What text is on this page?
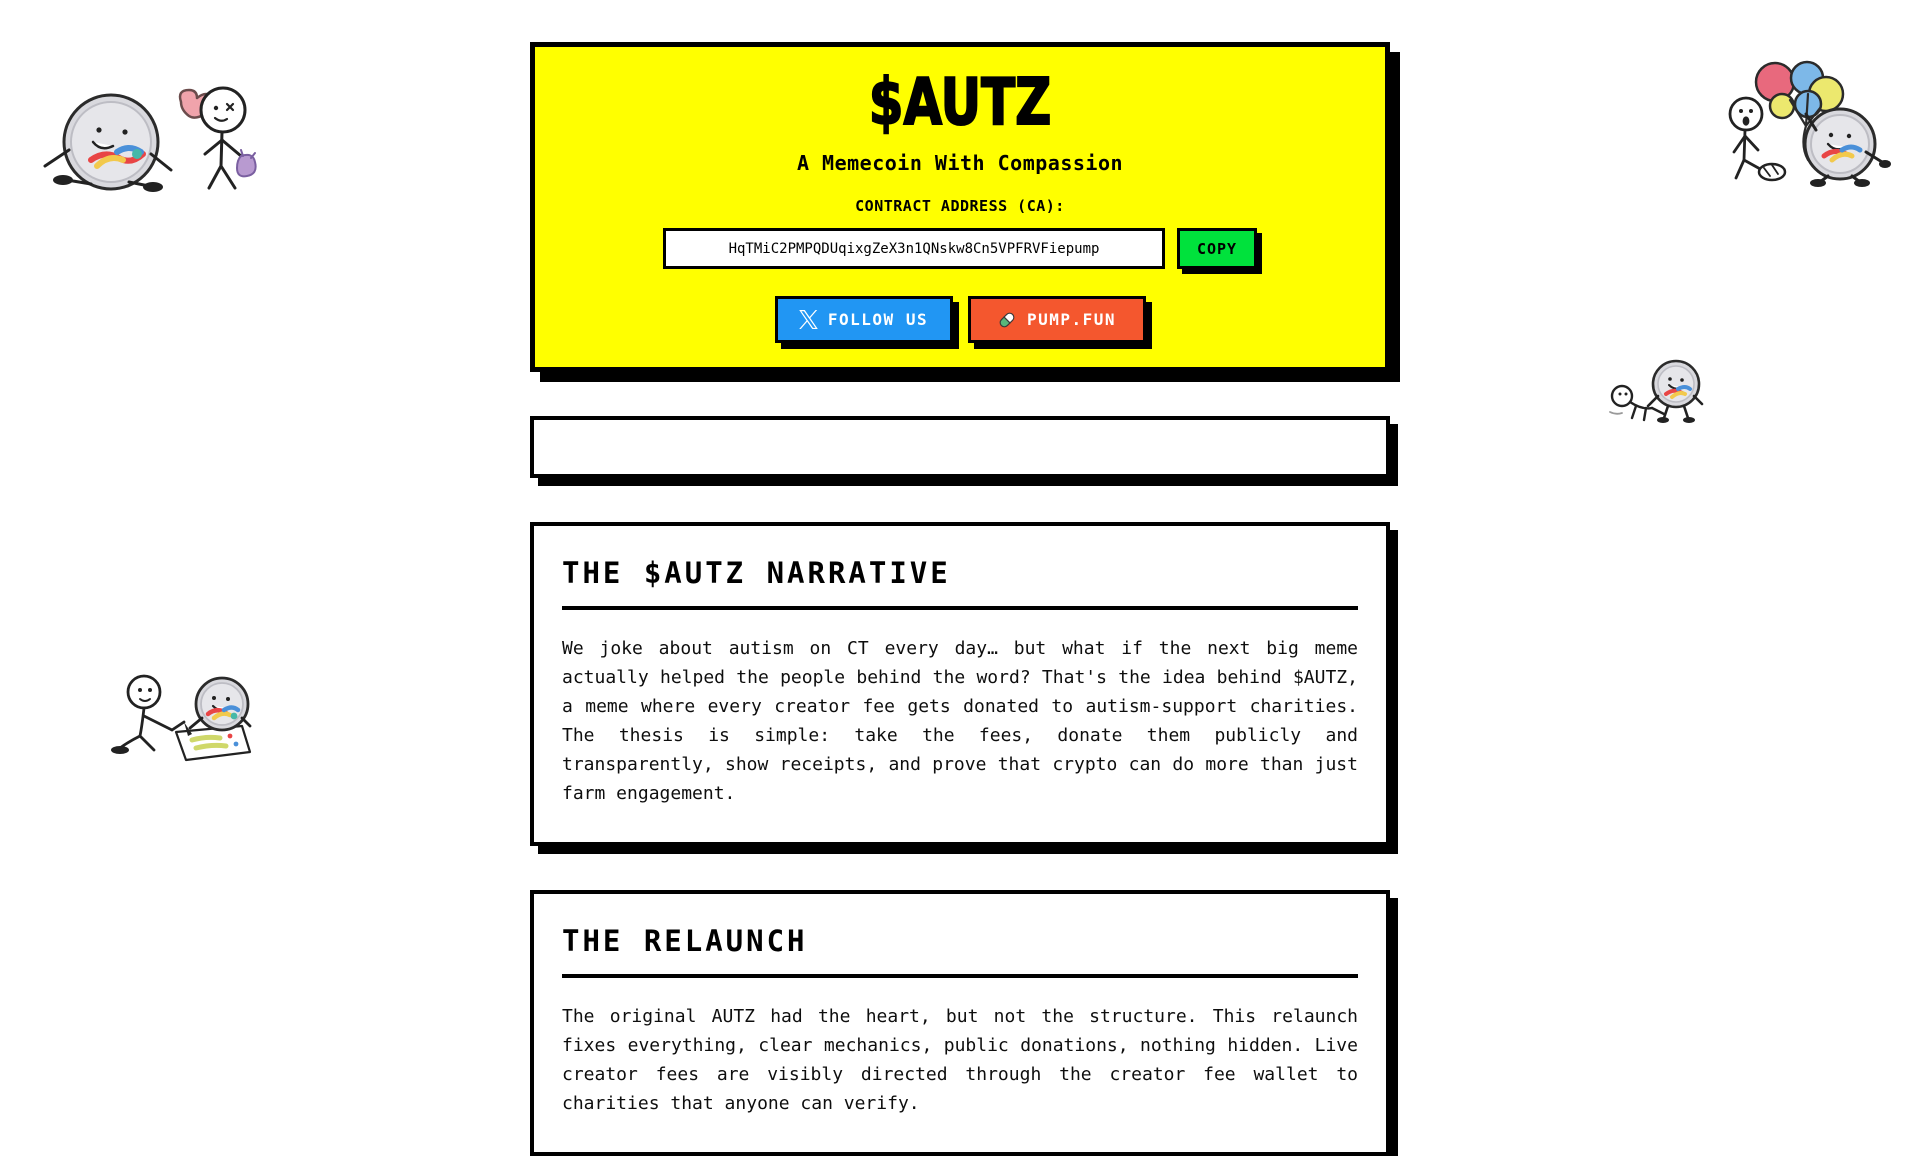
$AUTZ

A Memecoin With Compassion

CONTRACT ADDRESS (CA):

HqTMiC2PMPQDUqixgZeX3n1QNskw8Cn5VPFRVFiepump
COPY
FOLLOW US	PUMP.FUN
THE $AUTZ NARRATIVE

We joke about autism on CT every day… but what if the next big meme actually helped the people behind the word? That's the idea behind $AUTZ, a meme where every creator fee gets donated to autism-support charities. The thesis is simple: take the fees, donate them publicly and transparently, show receipts, and prove that crypto can do more than just farm engagement.

THE RELAUNCH

The original AUTZ had the heart, but not the structure. This relaunch fixes everything, clear mechanics, public donations, nothing hidden. Live creator fees are visibly directed through the creator fee wallet to charities that anyone can verify.
